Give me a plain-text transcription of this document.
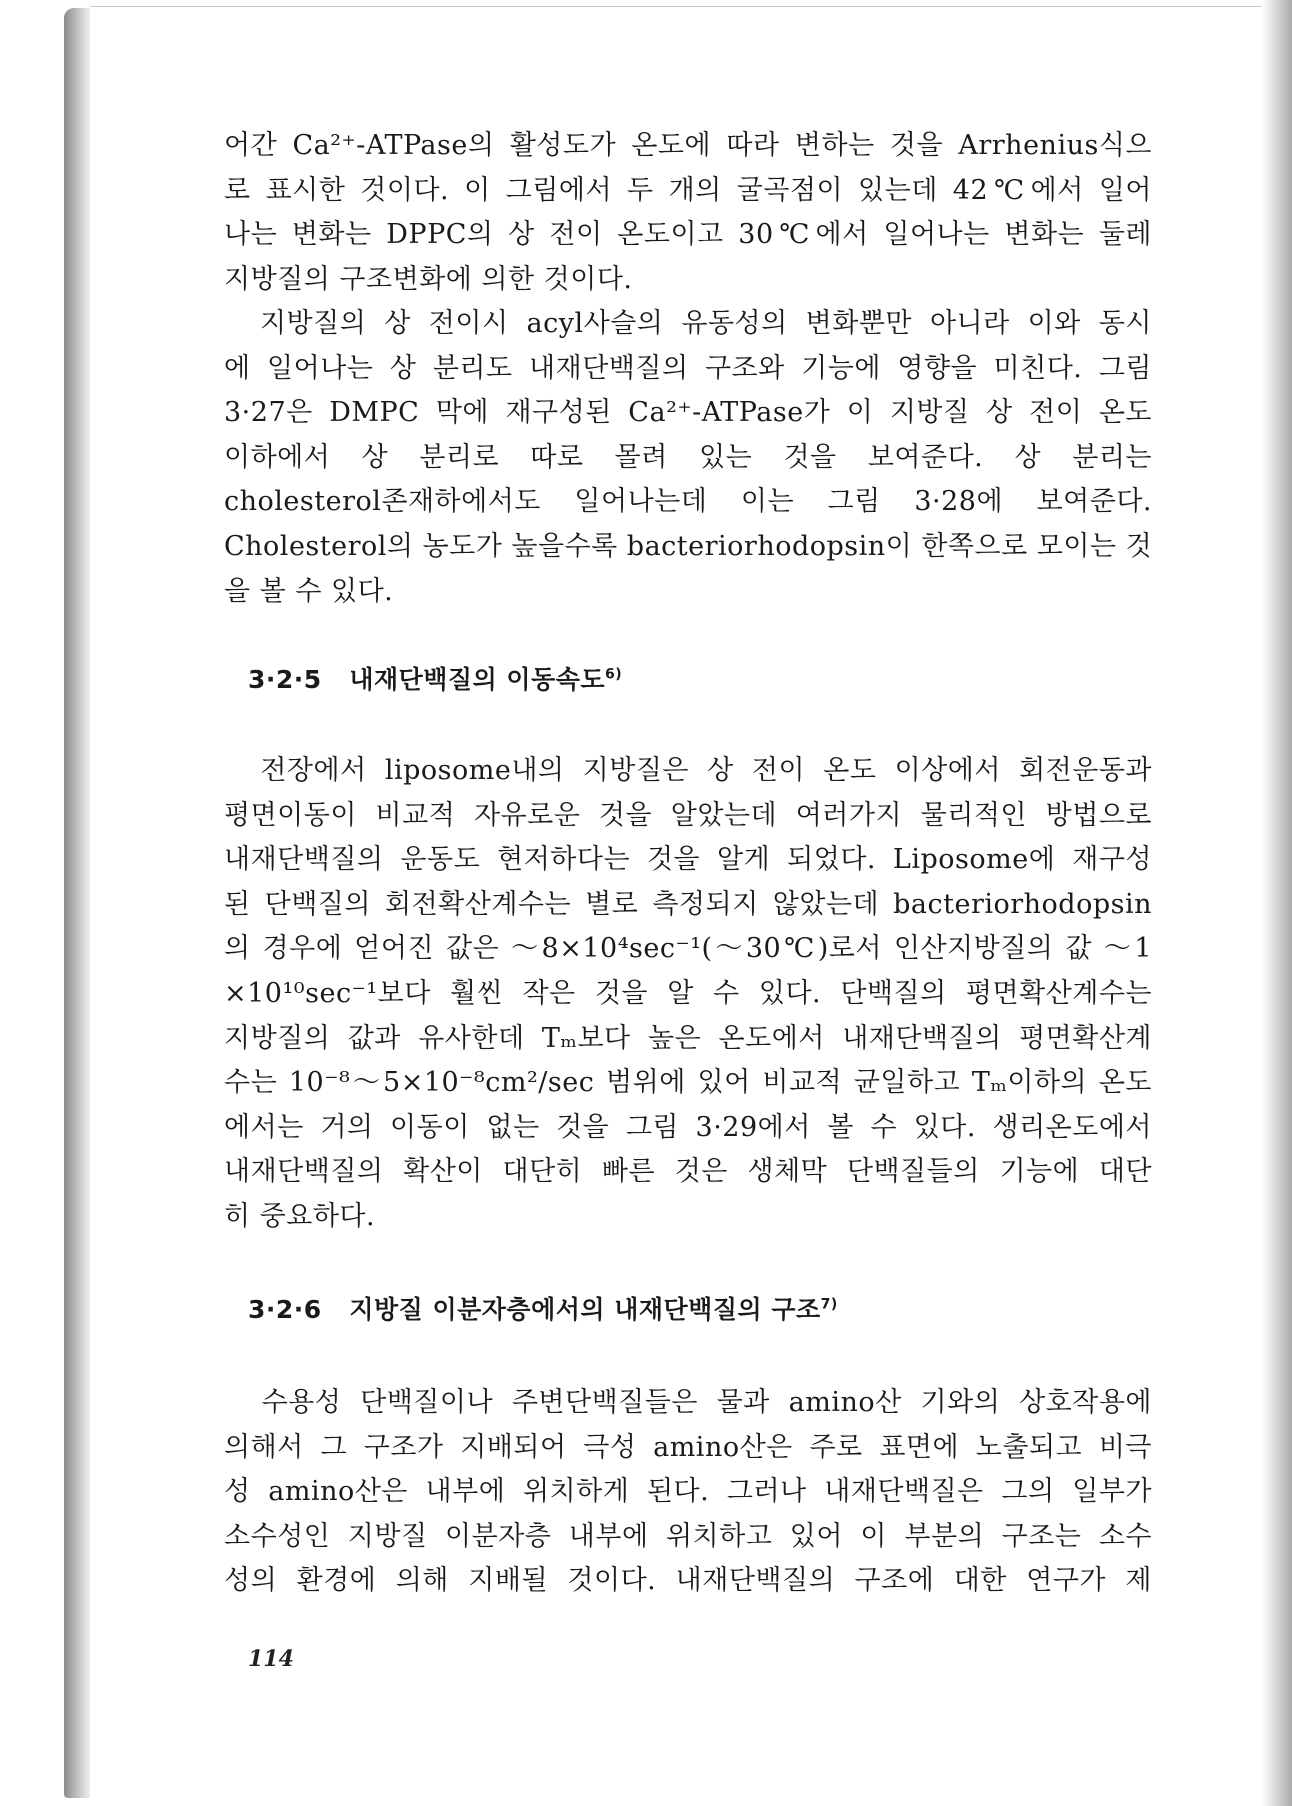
어간 Ca²⁺-ATPase의 활성도가 온도에 따라 변하는 것을 Arrhenius식으
로 표시한 것이다. 이 그림에서 두 개의 굴곡점이 있는데 42℃에서 일어
나는 변화는 DPPC의 상 전이 온도이고 30℃에서 일어나는 변화는 둘레
지방질의 구조변화에 의한 것이다.
지방질의 상 전이시 acyl사슬의 유동성의 변화뿐만 아니라 이와 동시
에 일어나는 상 분리도 내재단백질의 구조와 기능에 영향을 미친다. 그림
3·27은 DMPC 막에 재구성된 Ca²⁺-ATPase가 이 지방질 상 전이 온도
이하에서 상 분리로 따로 몰려 있는 것을 보여준다. 상 분리는
cholesterol존재하에서도 일어나는데 이는 그림 3·28에 보여준다.
Cholesterol의 농도가 높을수록 bacteriorhodopsin이 한쪽으로 모이는 것
을 볼 수 있다.
3·2·5 내재단백질의 이동속도$^{6)}$
전장에서 liposome내의 지방질은 상 전이 온도 이상에서 회전운동과
평면이동이 비교적 자유로운 것을 알았는데 여러가지 물리적인 방법으로
내재단백질의 운동도 현저하다는 것을 알게 되었다. Liposome에 재구성
된 단백질의 회전확산계수는 별로 측정되지 않았는데 bacteriorhodopsin
의 경우에 얻어진 값은 ～8×10⁴sec⁻¹(～30℃)로서 인산지방질의 값 ～1
×10¹⁰sec⁻¹보다 훨씬 작은 것을 알 수 있다. 단백질의 평면확산계수는
지방질의 값과 유사한데 Tₘ보다 높은 온도에서 내재단백질의 평면확산계
수는 10⁻⁸～5×10⁻⁸cm²/sec 범위에 있어 비교적 균일하고 Tₘ이하의 온도
에서는 거의 이동이 없는 것을 그림 3·29에서 볼 수 있다. 생리온도에서
내재단백질의 확산이 대단히 빠른 것은 생체막 단백질들의 기능에 대단
히 중요하다.
3·2·6 지방질 이분자층에서의 내재단백질의 구조$^{7)}$
수용성 단백질이나 주변단백질들은 물과 amino산 기와의 상호작용에
의해서 그 구조가 지배되어 극성 amino산은 주로 표면에 노출되고 비극
성 amino산은 내부에 위치하게 된다. 그러나 내재단백질은 그의 일부가
소수성인 지방질 이분자층 내부에 위치하고 있어 이 부분의 구조는 소수
성의 환경에 의해 지배될 것이다. 내재단백질의 구조에 대한 연구가 제
114
